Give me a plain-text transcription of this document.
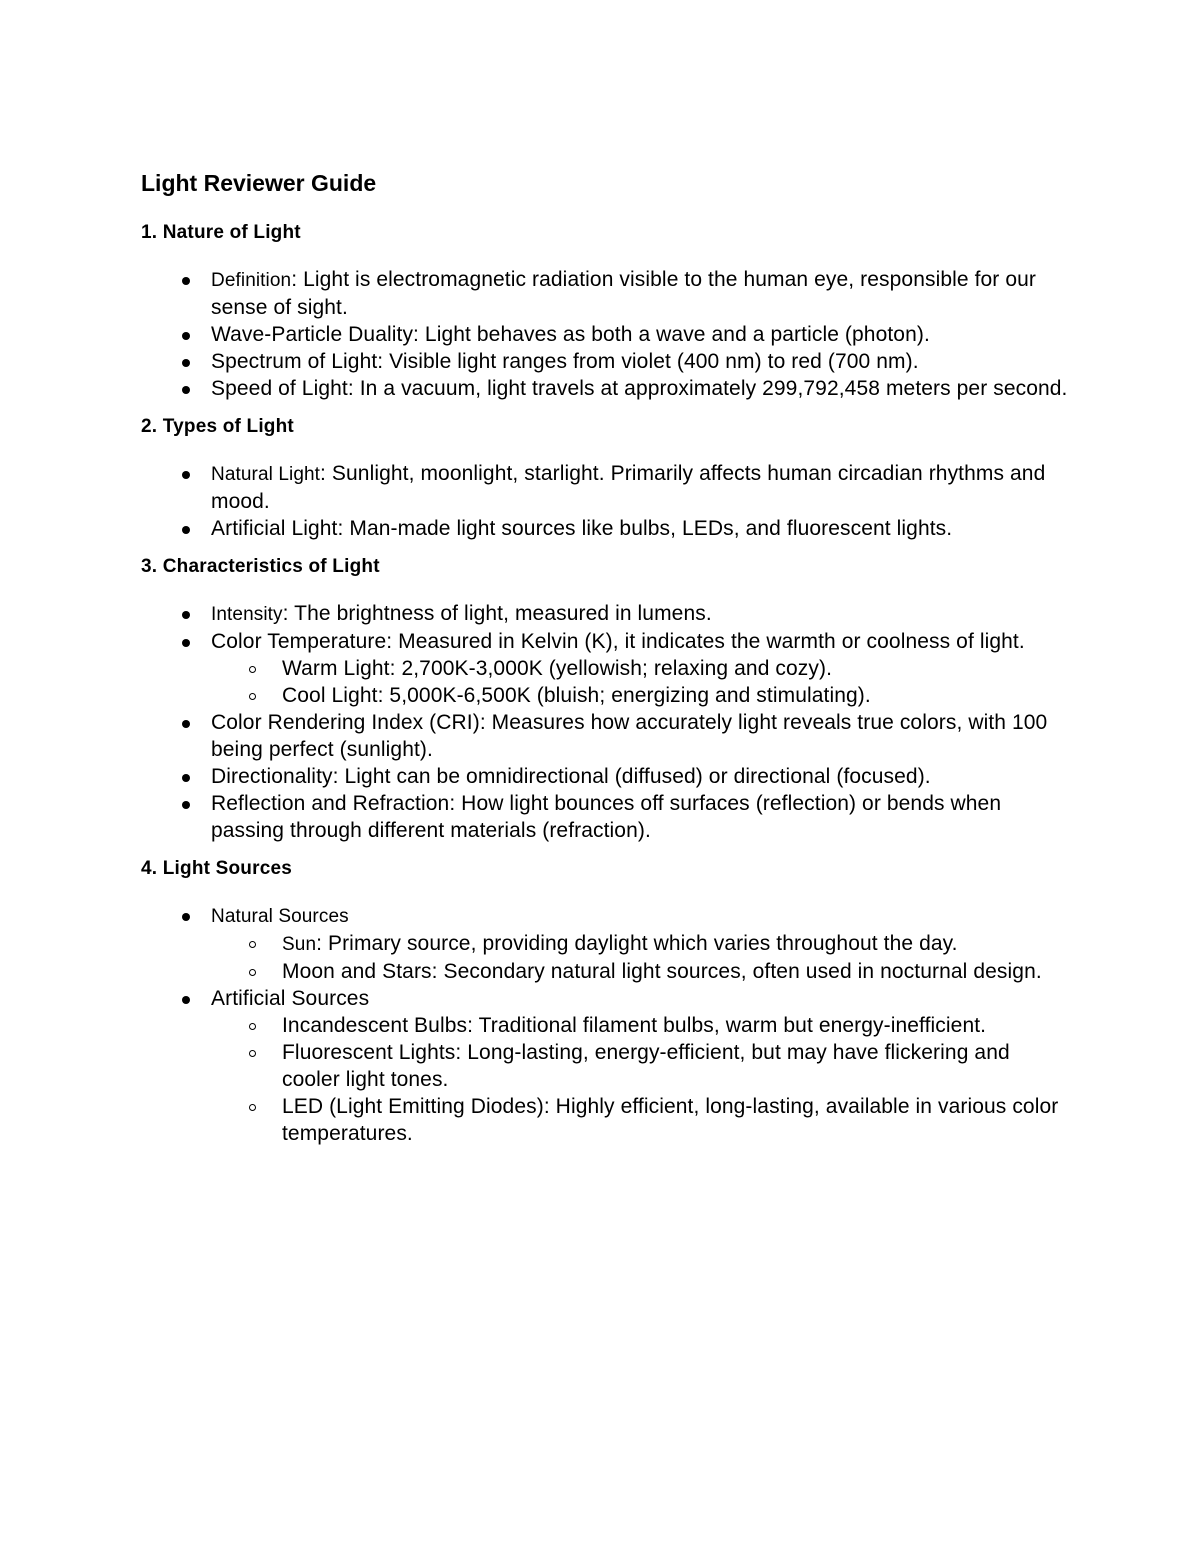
Light Reviewer Guide
1. Nature of Light
Definition: Light is electromagnetic radiation visible to the human eye, responsible for our sense of sight.
Wave-Particle Duality: Light behaves as both a wave and a particle (photon).
Spectrum of Light: Visible light ranges from violet (400 nm) to red (700 nm).
Speed of Light: In a vacuum, light travels at approximately 299,792,458 meters per second.
2. Types of Light
Natural Light: Sunlight, moonlight, starlight. Primarily affects human circadian rhythms and mood.
Artificial Light: Man-made light sources like bulbs, LEDs, and fluorescent lights.
3. Characteristics of Light
Intensity: The brightness of light, measured in lumens.
Color Temperature: Measured in Kelvin (K), it indicates the warmth or coolness of light.
Warm Light: 2,700K-3,000K (yellowish; relaxing and cozy).
Cool Light: 5,000K-6,500K (bluish; energizing and stimulating).
Color Rendering Index (CRI): Measures how accurately light reveals true colors, with 100 being perfect (sunlight).
Directionality: Light can be omnidirectional (diffused) or directional (focused).
Reflection and Refraction: How light bounces off surfaces (reflection) or bends when passing through different materials (refraction).
4. Light Sources
Natural Sources
Sun: Primary source, providing daylight which varies throughout the day.
Moon and Stars: Secondary natural light sources, often used in nocturnal design.
Artificial Sources
Incandescent Bulbs: Traditional filament bulbs, warm but energy-inefficient.
Fluorescent Lights: Long-lasting, energy-efficient, but may have flickering and cooler light tones.
LED (Light Emitting Diodes): Highly efficient, long-lasting, available in various color temperatures.
